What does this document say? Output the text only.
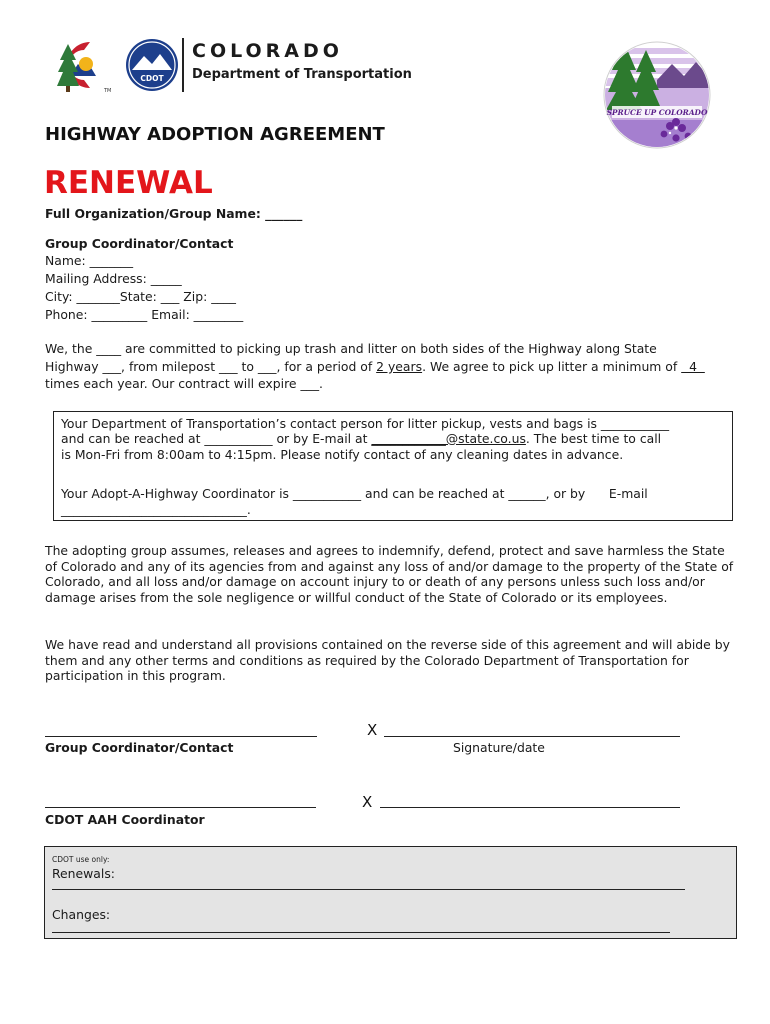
TM
CDOT
COLORADO
Department of Transportation
SPRUCE UP COLORADO
HIGHWAY ADOPTION AGREEMENT
RENEWAL
Full Organization/Group Name: ______
Group Coordinator/Contact
Name: _______
Mailing Address: _____
City: _______State: ___ Zip: ____
Phone: _________ Email: ________
We, the ____ are committed to picking up trash and litter on both sides of the Highway along State
Highway ___, from milepost ___ to ___, for a period of 2 years. We agree to pick up litter a minimum of   4
times each year. Our contract will expire ___.
Your Department of Transportation’s contact person for litter pickup, vests and bags is ___________
and can be reached at ___________ or by E-mail at ____________@state.co.us. The best time to call
is Mon-Fri from 8:00am to 4:15pm. Please notify contact of any cleaning dates in advance.
Your Adopt-A-Highway Coordinator is ___________ and can be reached at ______, or by      E-mail
______________________________.
The adopting group assumes, releases and agrees to indemnify, defend, protect and save harmless the State of Colorado and any of its agencies from and against any loss of and/or damage to the property of the State of Colorado, and all loss and/or damage on account injury to or death of any persons unless such loss and/or damage arises from the sole negligence or willful conduct of the State of Colorado or its employees.
We have read and understand all provisions contained on the reverse side of this agreement and will abide by them and any other terms and conditions as required by the Colorado Department of Transportation for participation in this program.
X
Group Coordinator/Contact	Signature/date
X
CDOT AAH Coordinator
CDOT use only:
Renewals:
Changes:
